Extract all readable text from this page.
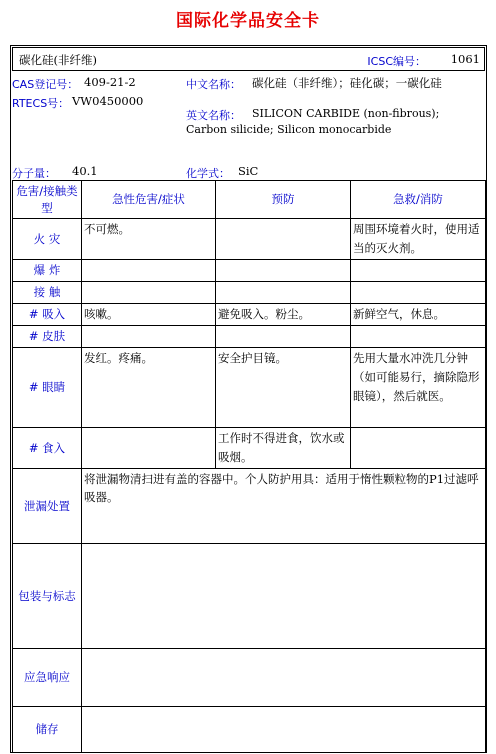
国际化学品安全卡
碳化硅(非纤维)	ICSC编号： 1061
CAS登记号： 409-21-2
RTECS号： VW0450000
中文名称： 碳化硅（非纤维）；硅化碳；一碳化硅
英文名称：	SILICON CARBIDE (non-fibrous); Carbon silicide; Silicon monocarbide
分子量： 40.1	化学式： SiC
危害/接触类型	急性危害/症状	预防	急救/消防
火 灾	不可燃。		周围环境着火时，使用适当的灭火剂。
爆 炸			
接 触			
# 吸入	咳嗽。	避免吸入。粉尘。	新鲜空气，休息。
# 皮肤			
# 眼睛	发红。疼痛。	安全护目镜。	先用大量水冲洗几分钟（如可能易行，摘除隐形眼镜），然后就医。
# 食入		工作时不得进食，饮水或吸烟。	
泄漏处置	将泄漏物清扫进有盖的容器中。个人防护用具：适用于惰性颗粒物的P1过滤呼吸器。		
包装与标志			
应急响应			
储存			
